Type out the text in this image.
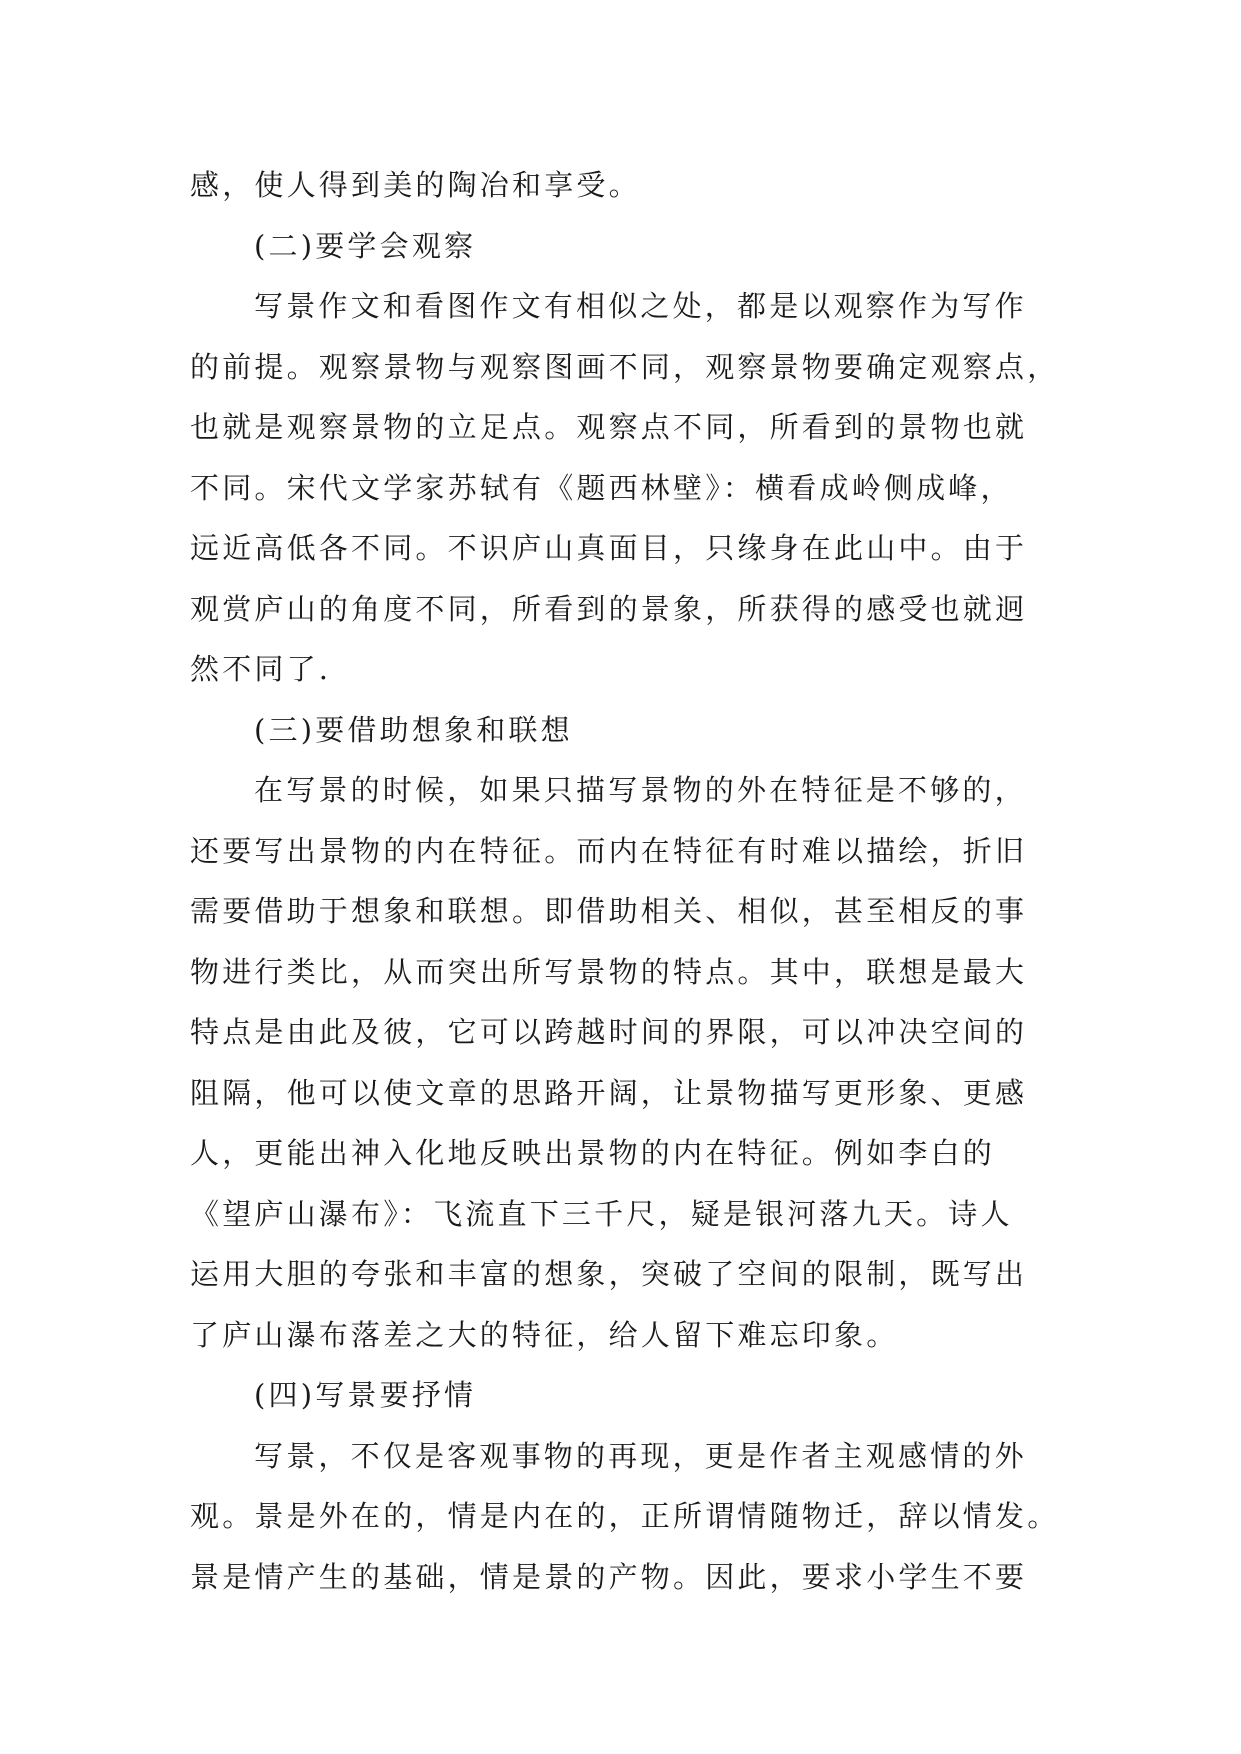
感，使人得到美的陶冶和享受。
(二)要学会观察
写景作文和看图作文有相似之处，都是以观察作为写作
的前提。观察景物与观察图画不同，观察景物要确定观察点，
也就是观察景物的立足点。观察点不同，所看到的景物也就
不同。宋代文学家苏轼有《题西林壁》：横看成岭侧成峰，
远近高低各不同。不识庐山真面目，只缘身在此山中。由于
观赏庐山的角度不同，所看到的景象，所获得的感受也就迥
然不同了.
(三)要借助想象和联想
在写景的时候，如果只描写景物的外在特征是不够的，
还要写出景物的内在特征。而内在特征有时难以描绘，折旧
需要借助于想象和联想。即借助相关、相似，甚至相反的事
物进行类比，从而突出所写景物的特点。其中，联想是最大
特点是由此及彼，它可以跨越时间的界限，可以冲决空间的
阻隔，他可以使文章的思路开阔，让景物描写更形象、更感
人，更能出神入化地反映出景物的内在特征。例如李白的
《望庐山瀑布》：飞流直下三千尺，疑是银河落九天。诗人
运用大胆的夸张和丰富的想象，突破了空间的限制，既写出
了庐山瀑布落差之大的特征，给人留下难忘印象。
(四)写景要抒情
写景，不仅是客观事物的再现，更是作者主观感情的外
观。景是外在的，情是内在的，正所谓情随物迁，辞以情发。
景是情产生的基础，情是景的产物。因此，要求小学生不要
